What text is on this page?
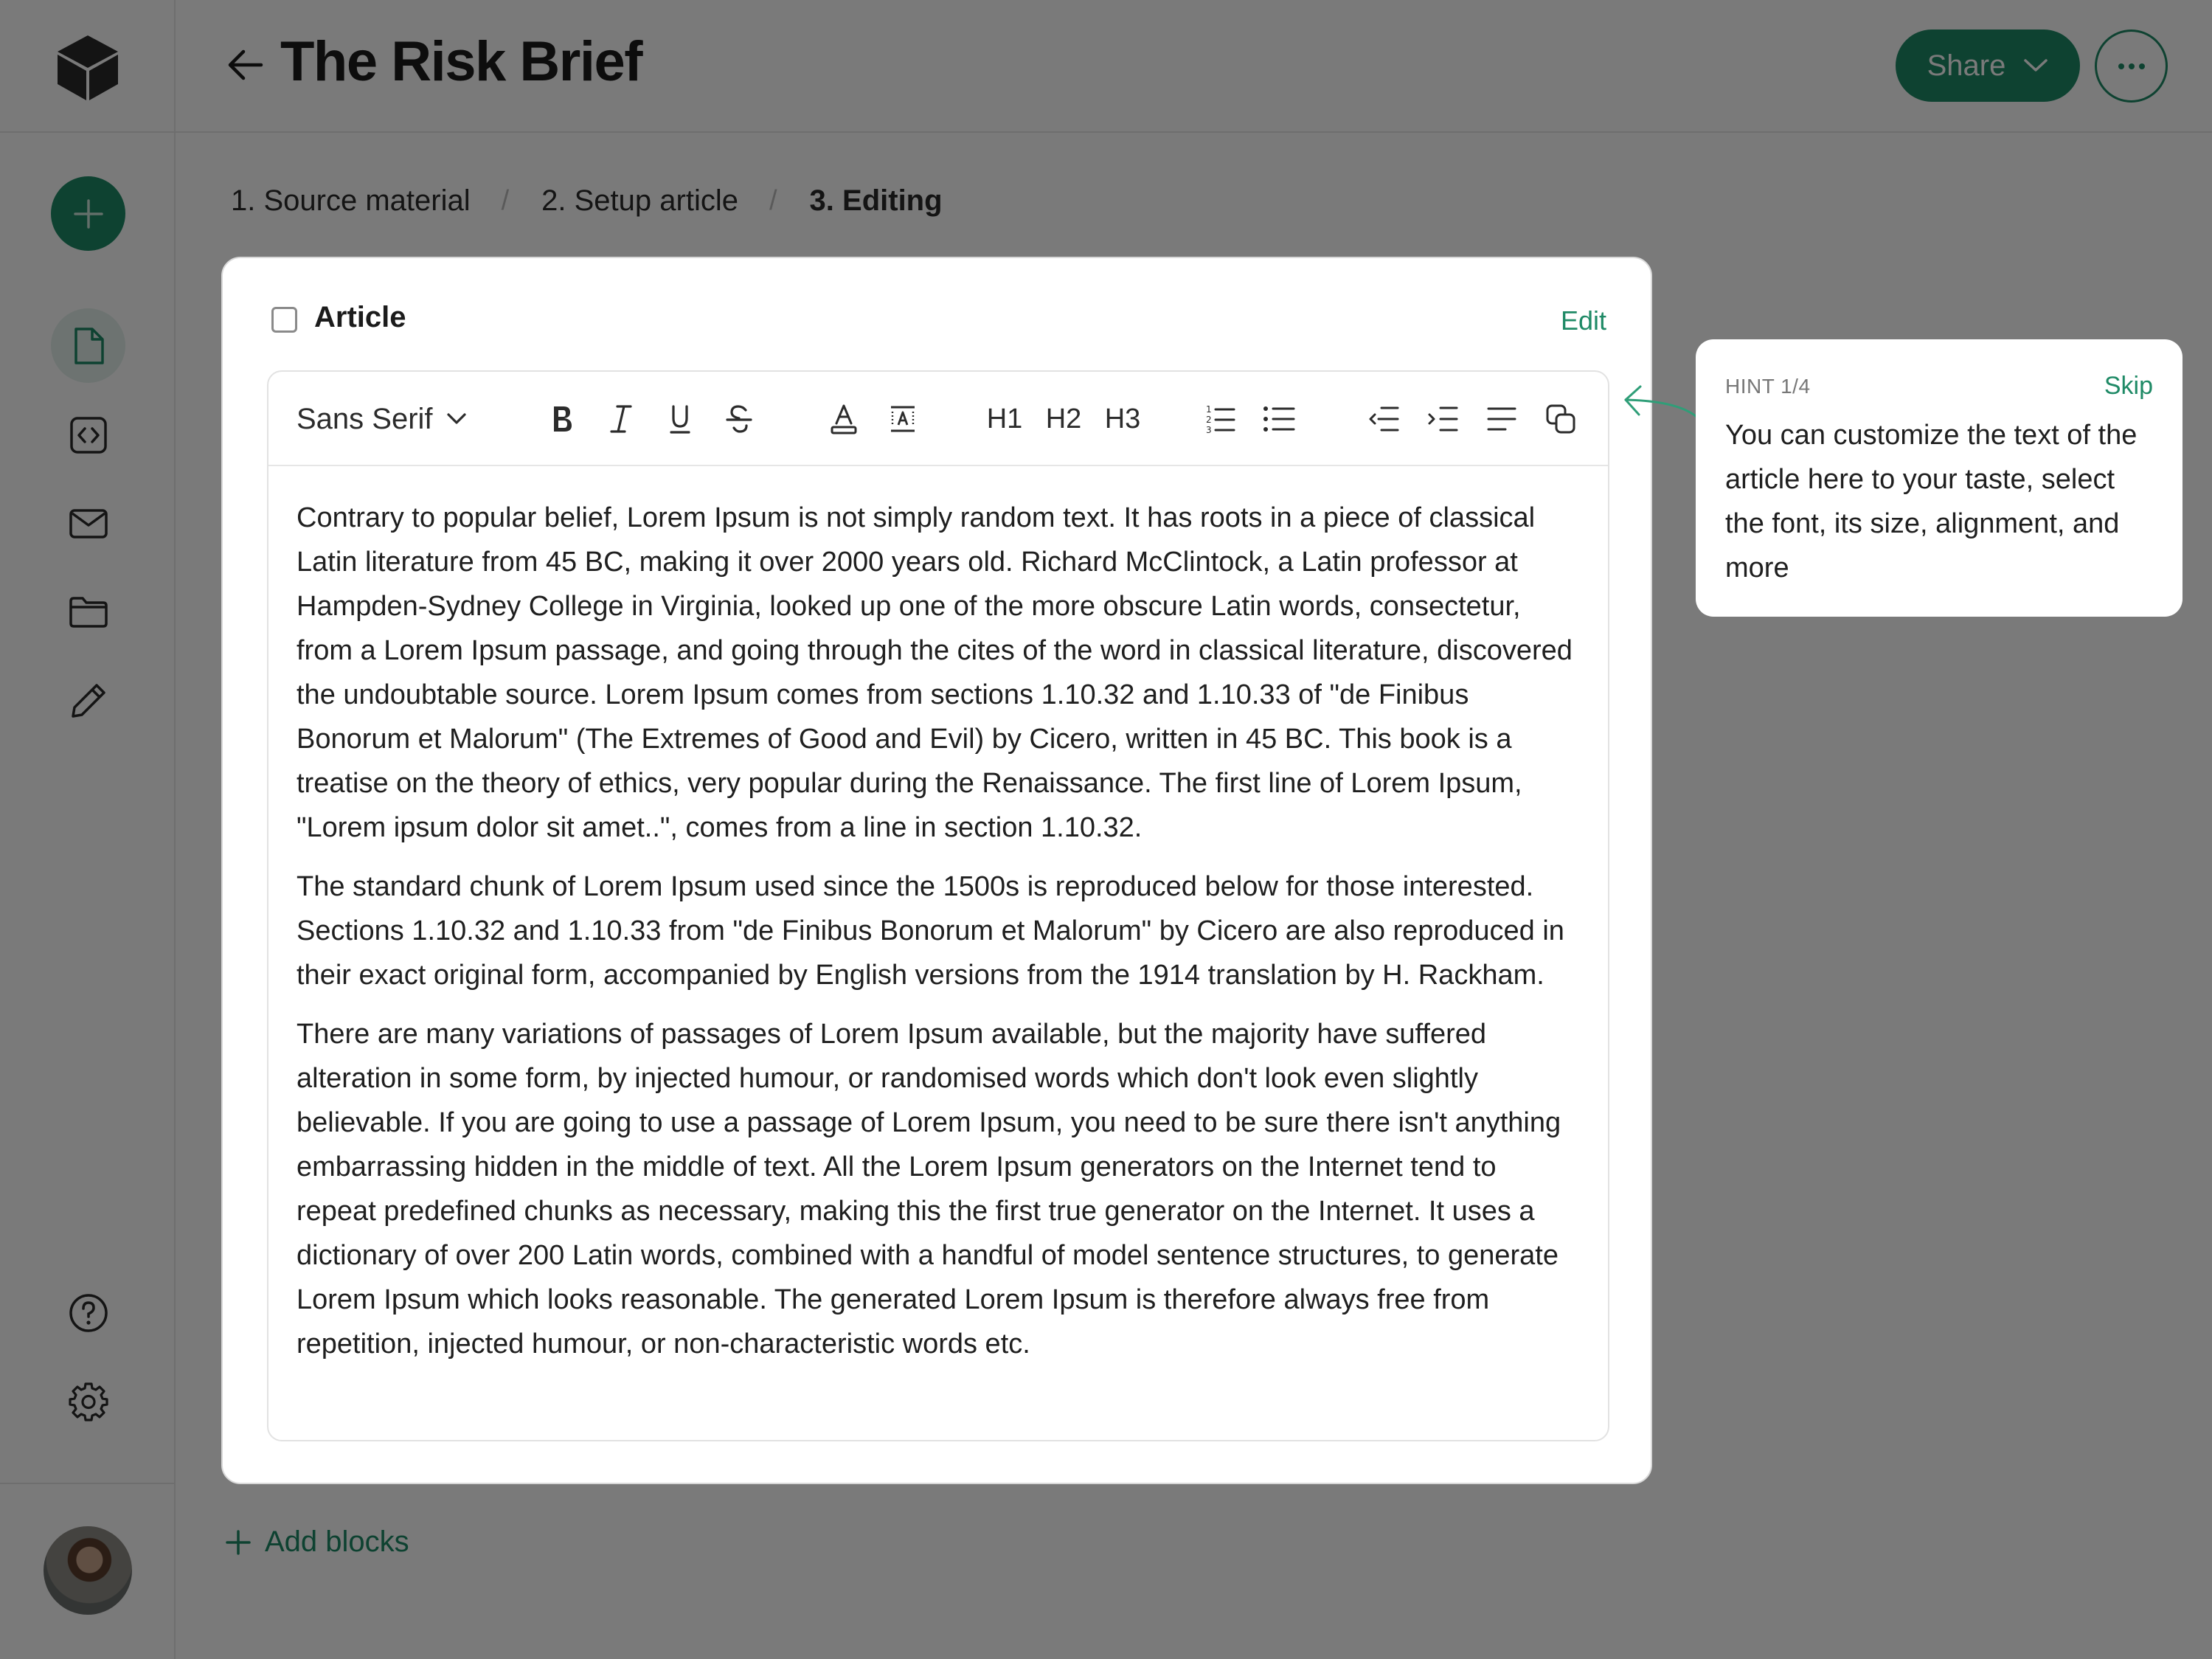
Article	Edit
Sans Serif	H1 H2 H3	1
2
3

Contrary to popular belief, Lorem Ipsum is not simply random text. It has roots in a piece of classical Latin literature from 45 BC, making it over 2000 years old. Richard McClintock, a Latin professor at Hampden-Sydney College in Virginia, looked up one of the more obscure Latin words, consectetur, from a Lorem Ipsum passage, and going through the cites of the word in classical literature, discovered the undoubtable source. Lorem Ipsum comes from sections 1.10.32 and 1.10.33 of "de Finibus Bonorum et Malorum" (The Extremes of Good and Evil) by Cicero, written in 45 BC. This book is a treatise on the theory of ethics, very popular during the Renaissance. The first line of Lorem Ipsum, "Lorem ipsum dolor sit amet..", comes from a line in section 1.10.32.

The standard chunk of Lorem Ipsum used since the 1500s is reproduced below for those interested. Sections 1.10.32 and 1.10.33 from "de Finibus Bonorum et Malorum" by Cicero are also reproduced in their exact original form, accompanied by English versions from the 1914 translation by H. Rackham.

There are many variations of passages of Lorem Ipsum available, but the majority have suffered alteration in some form, by injected humour, or randomised words which don't look even slightly believable. If you are going to use a passage of Lorem Ipsum, you need to be sure there isn't anything embarrassing hidden in the middle of text. All the Lorem Ipsum generators on the Internet tend to repeat predefined chunks as necessary, making this the first true generator on the Internet. It uses a dictionary of over 200 Latin words, combined with a handful of model sentence structures, to generate Lorem Ipsum which looks reasonable. The generated Lorem Ipsum is therefore always free from repetition, injected humour, or non-characteristic words etc.

HINT 1/4	Skip
You can customize the text of the article here to your taste, select the font, its size, alignment, and more
